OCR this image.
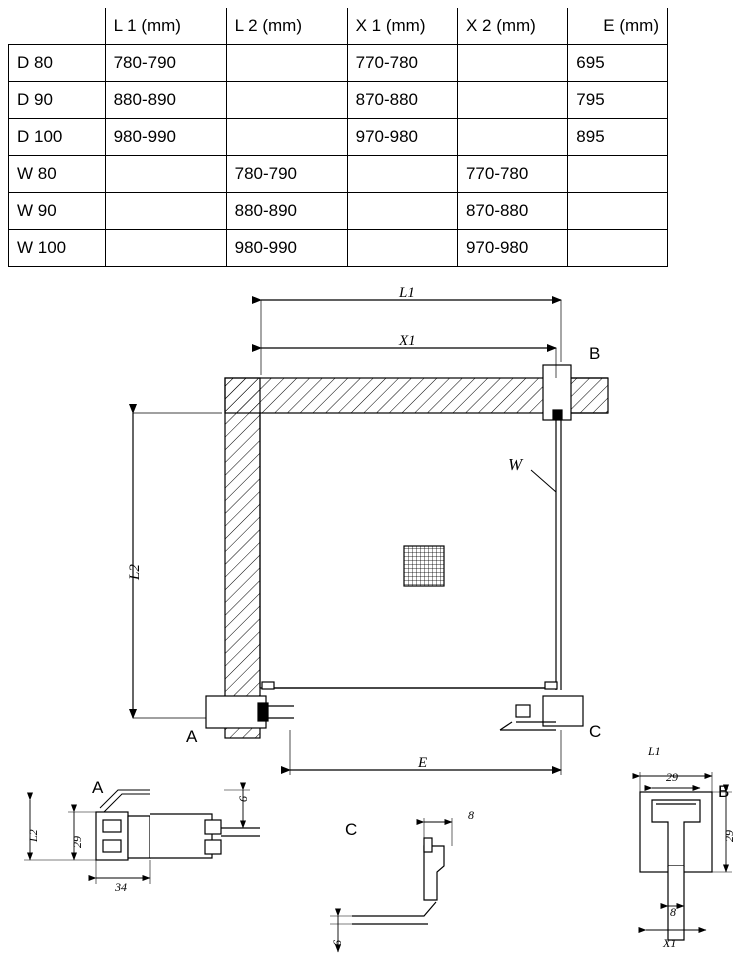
	L 1 (mm)	L 2 (mm)	X 1 (mm)	X 2 (mm)	E (mm)
D 80	780-790		770-780		695
D 90	880-890		870-880		795
D 100	980-990		970-980		895
W 80		780-790		770-780	
W 90		880-890		870-880	
W 100		980-990		970-980	
L1
X1
L2
E
A
B
C
W
A
L2	29
34
6
C
8
6
B
L1
29
29
8
X1
